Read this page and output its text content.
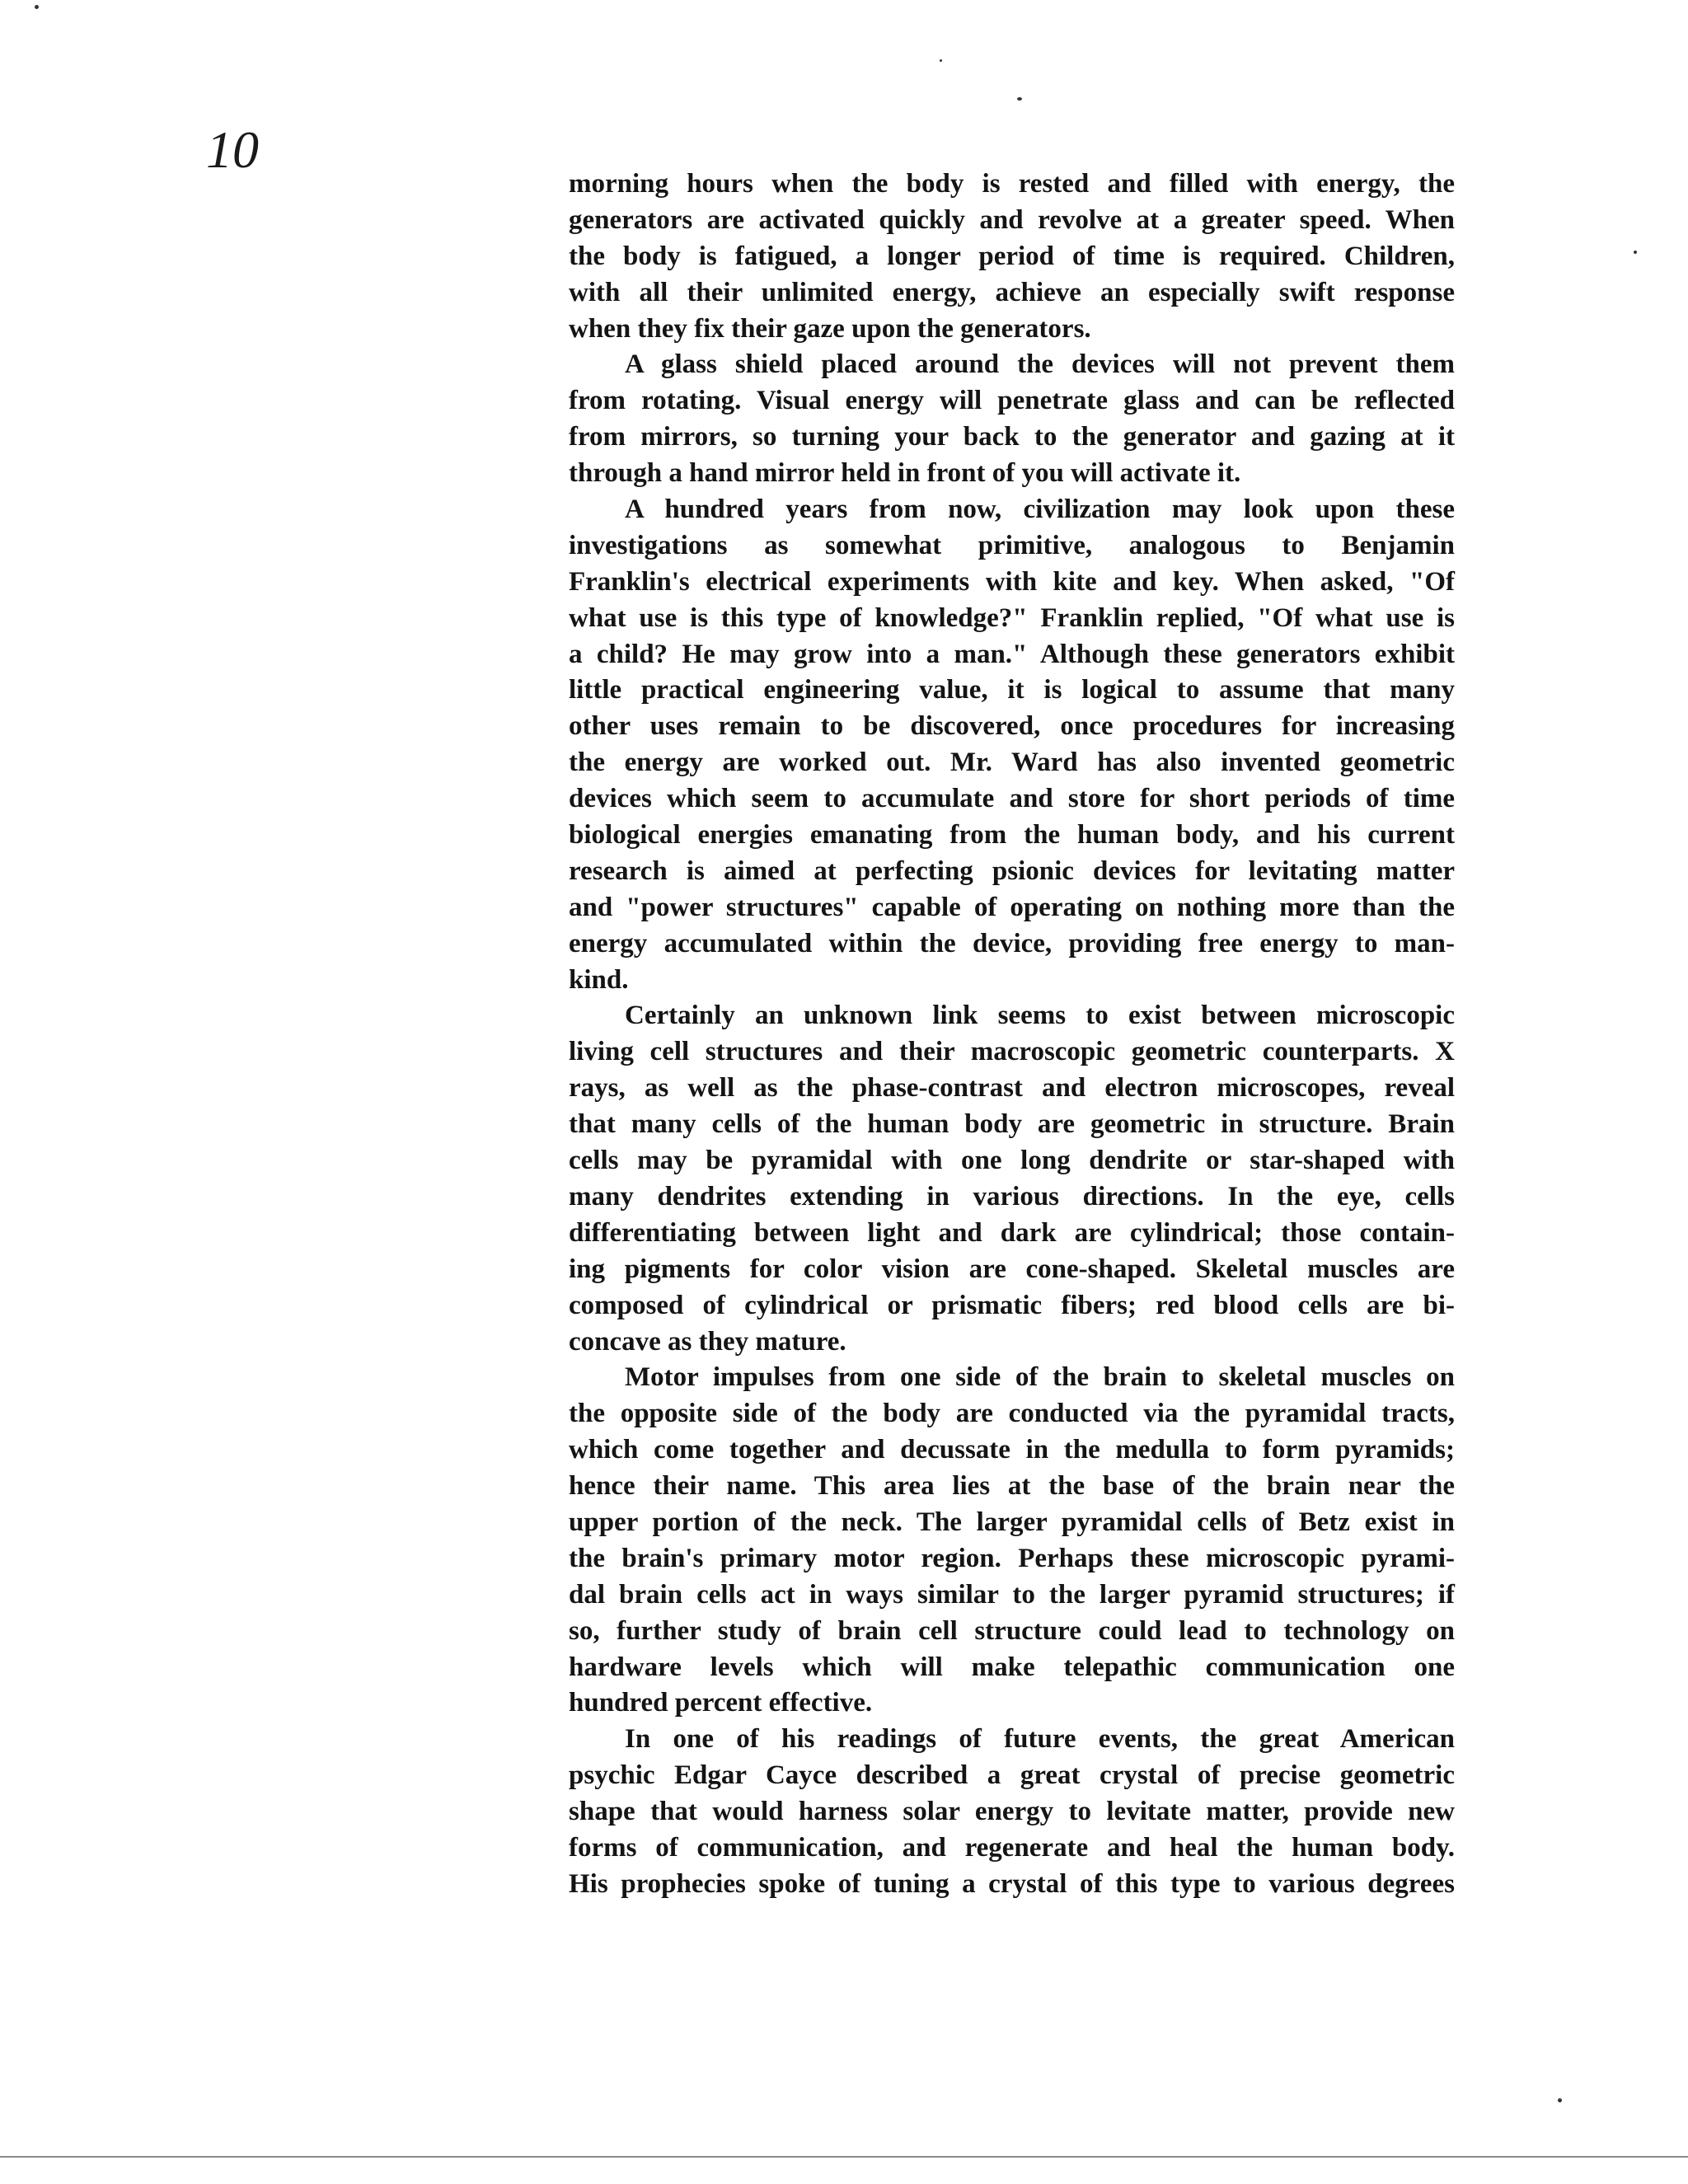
10
morning hours when the body is rested and filled with energy, the
generators are activated quickly and revolve at a greater speed. When
the body is fatigued, a longer period of time is required. Children,
with all their unlimited energy, achieve an especially swift response
when they fix their gaze upon the generators.
A glass shield placed around the devices will not prevent them
from rotating. Visual energy will penetrate glass and can be reflected
from mirrors, so turning your back to the generator and gazing at it
through a hand mirror held in front of you will activate it.
A hundred years from now, civilization may look upon these
investigations as somewhat primitive, analogous to Benjamin
Franklin's electrical experiments with kite and key. When asked, "Of
what use is this type of knowledge?" Franklin replied, "Of what use is
a child? He may grow into a man." Although these generators exhibit
little practical engineering value, it is logical to assume that many
other uses remain to be discovered, once procedures for increasing
the energy are worked out. Mr. Ward has also invented geometric
devices which seem to accumulate and store for short periods of time
biological energies emanating from the human body, and his current
research is aimed at perfecting psionic devices for levitating matter
and "power structures" capable of operating on nothing more than the
energy accumulated within the device, providing free energy to man-
kind.
Certainly an unknown link seems to exist between microscopic
living cell structures and their macroscopic geometric counterparts. X
rays, as well as the phase-contrast and electron microscopes, reveal
that many cells of the human body are geometric in structure. Brain
cells may be pyramidal with one long dendrite or star-shaped with
many dendrites extending in various directions. In the eye, cells
differentiating between light and dark are cylindrical; those contain-
ing pigments for color vision are cone-shaped. Skeletal muscles are
composed of cylindrical or prismatic fibers; red blood cells are bi-
concave as they mature.
Motor impulses from one side of the brain to skeletal muscles on
the opposite side of the body are conducted via the pyramidal tracts,
which come together and decussate in the medulla to form pyramids;
hence their name. This area lies at the base of the brain near the
upper portion of the neck. The larger pyramidal cells of Betz exist in
the brain's primary motor region. Perhaps these microscopic pyrami-
dal brain cells act in ways similar to the larger pyramid structures; if
so, further study of brain cell structure could lead to technology on
hardware levels which will make telepathic communication one
hundred percent effective.
In one of his readings of future events, the great American
psychic Edgar Cayce described a great crystal of precise geometric
shape that would harness solar energy to levitate matter, provide new
forms of communication, and regenerate and heal the human body.
His prophecies spoke of tuning a crystal of this type to various degrees
